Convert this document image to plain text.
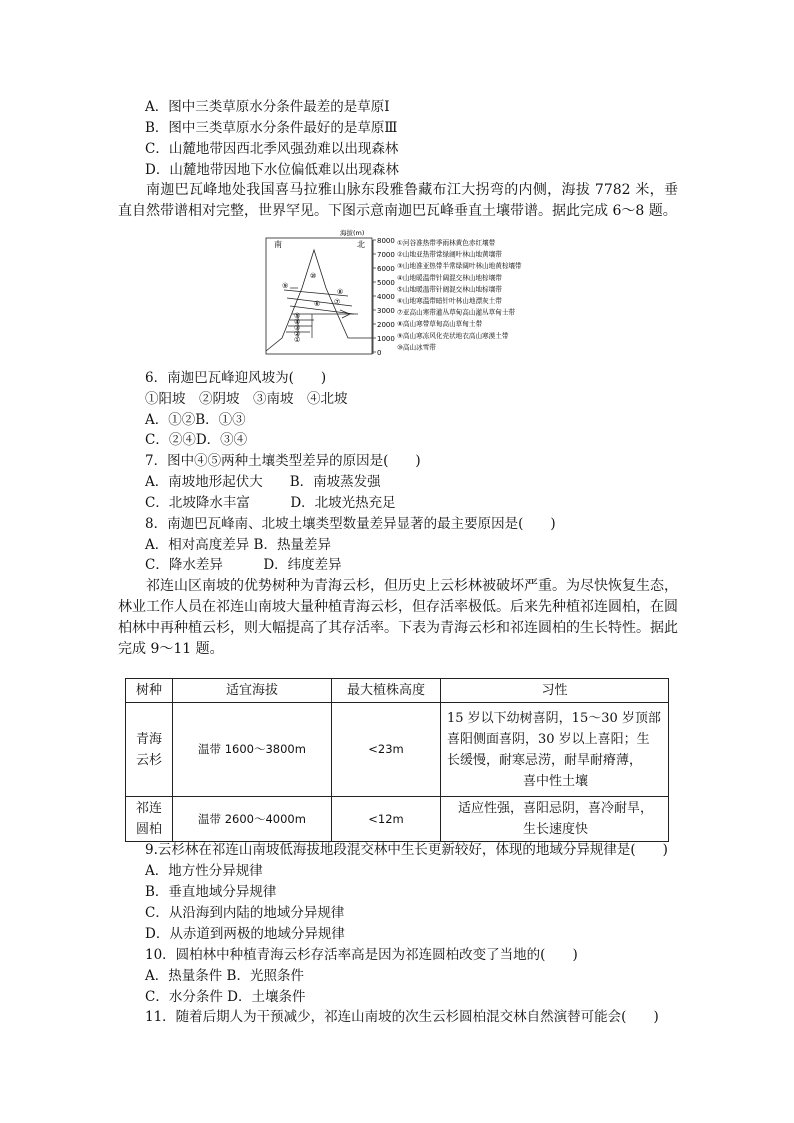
A．图中三类草原水分条件最差的是草原Ⅰ
B．图中三类草原水分条件最好的是草原Ⅲ
C．山麓地带因西北季风强劲难以出现森林
D．山麓地带因地下水位偏低难以出现森林
南迦巴瓦峰地处我国喜马拉雅山脉东段雅鲁藏布江大拐弯的内侧，海拔 7782 米，垂直自然带谱相对完整，世界罕见。下图示意南迦巴瓦峰垂直土壤带谱。据此完成 6～8 题。
南	北
海拔(m)
8000
7000
6000
5000
4000
3000
2000
1000
0
⑩
⑨
⑧
⑦
⑥
⑤
④
③
②
①
①河谷准热带季雨林黄色赤红壤带
②山地亚热带常绿阔叶林山地黄壤带
③山地准亚热带半常绿阔叶林山地黄棕壤带
④山地暖温带针阔混交林山地棕壤带
⑤山地暖温带针阔混交林山地棕壤带
⑥山地寒温带暗针叶林山地漂灰土带
⑦亚高山寒带灌丛草甸高山灌丛草甸土带
⑧高山寒带草甸高山草甸土带
⑨高山寒冻风化壳状地衣高山寒漠土带
⑩高山冰雪带
6．南迦巴瓦峰迎风坡为(　　)
①阳坡　②阴坡　③南坡　④北坡
A．①②B．①③
C．②④D．③④
7．图中④⑤两种土壤类型差异的原因是(　　)
A．南坡地形起伏大　　B．南坡蒸发强
C．北坡降水丰富　　　D．北坡光热充足
8．南迦巴瓦峰南、北坡土壤类型数量差异显著的最主要原因是(　　)
A．相对高度差异 B．热量差异
C．降水差异　　　D．纬度差异
祁连山区南坡的优势树种为青海云杉，但历史上云杉林被破坏严重。为尽快恢复生态，林业工作人员在祁连山南坡大量种植青海云杉，但存活率极低。后来先种植祁连圆柏，在圆柏林中再种植云杉，则大幅提高了其存活率。下表为青海云杉和祁连圆柏的生长特性。据此完成 9～11 题。
树种	适宜海拔	最大植株高度	习性
青海云杉	温带 1600～3800m	<23m	15 岁以下幼树喜阴，15～30 岁顶部
喜阳侧面喜阴，30 岁以上喜阳；生
长缓慢，耐寒忌涝，耐旱耐瘠薄，
喜中性土壤

祁连圆柏	温带 2600～4000m	<12m	适应性强，喜阳忌阴，喜冷耐旱，
生长速度快
9.云杉林在祁连山南坡低海拔地段混交林中生长更新较好，体现的地域分异规律是(　　)
A．地方性分异规律
B．垂直地域分异规律
C．从沿海到内陆的地域分异规律
D．从赤道到两极的地域分异规律
10．圆柏林中种植青海云杉存活率高是因为祁连圆柏改变了当地的(　　)
A．热量条件 B．光照条件
C．水分条件 D．土壤条件
11．随着后期人为干预减少，祁连山南坡的次生云杉圆柏混交林自然演替可能会(　　)
